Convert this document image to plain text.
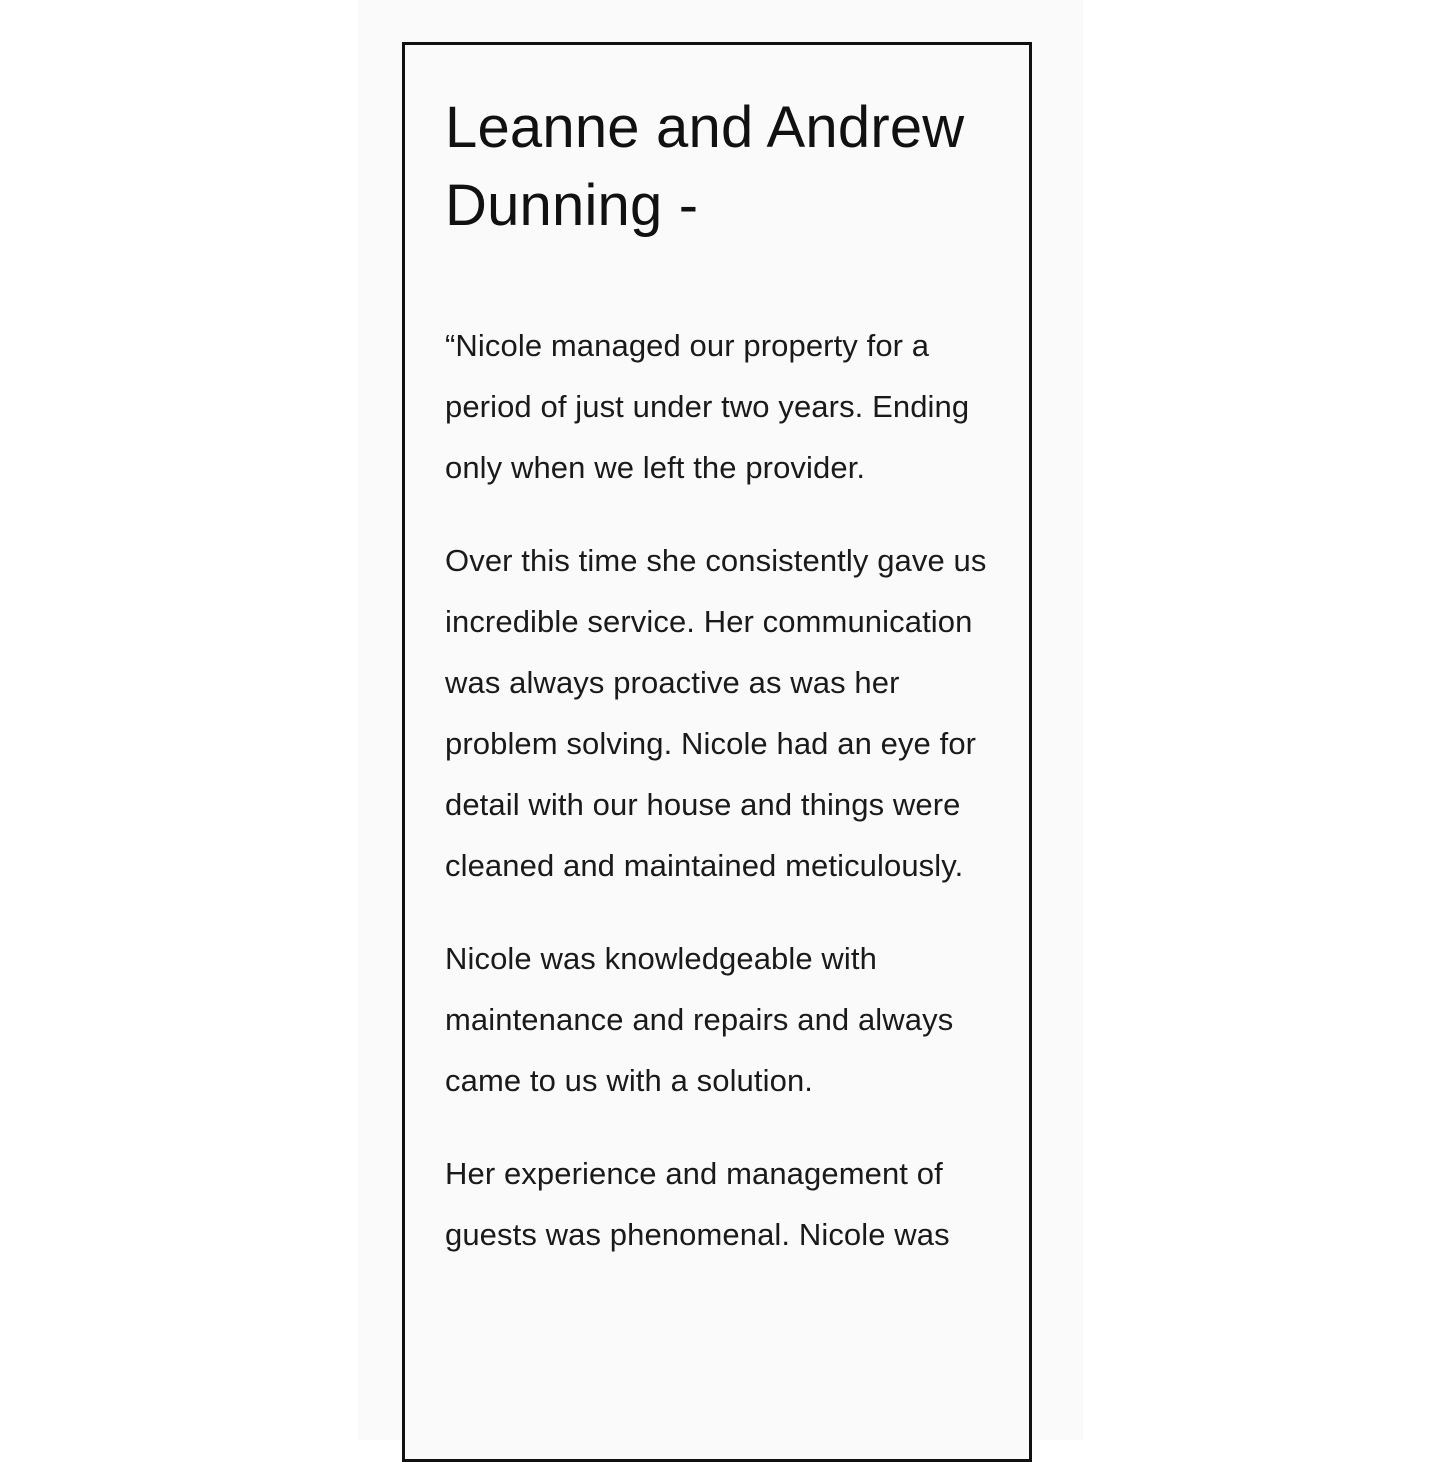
Leanne and Andrew Dunning -

“Nicole managed our property for a period of just under two years. Ending only when we left the provider.

Over this time she consistently gave us incredible service. Her communication was always proactive as was her problem solving. Nicole had an eye for detail with our house and things were cleaned and maintained meticulously.

Nicole was knowledgeable with maintenance and repairs and always came to us with a solution.

Her experience and management of guests was phenomenal. Nicole was
